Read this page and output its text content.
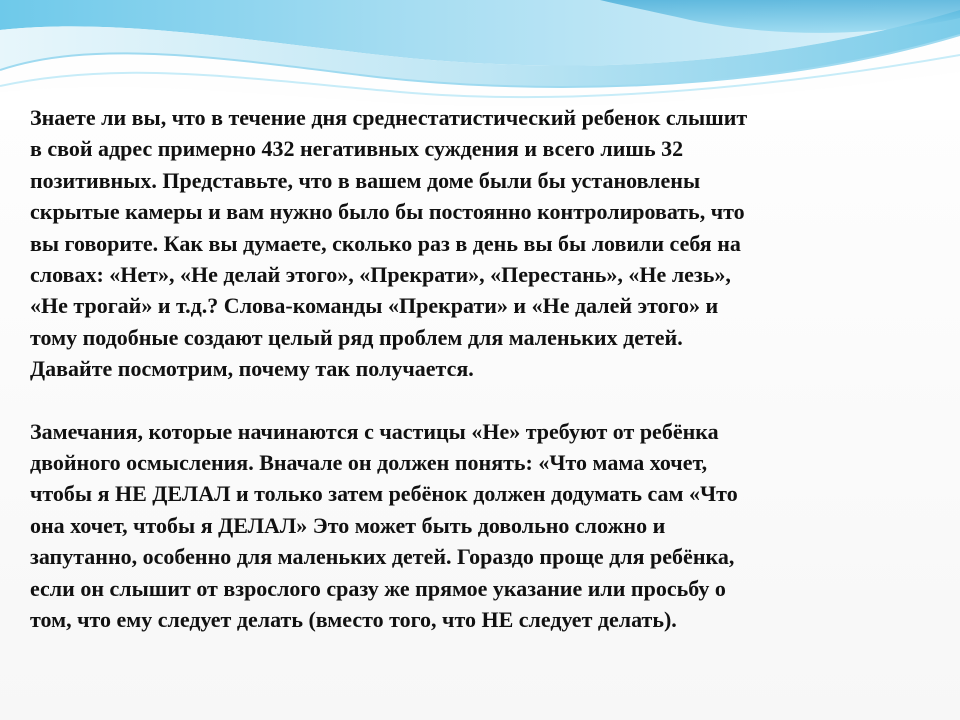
Знаете ли вы, что в течение дня среднестатистический ребенок слышит
в свой адрес примерно 432 негативных суждения и всего лишь 32
позитивных. Представьте, что в вашем доме были бы установлены
скрытые камеры и вам нужно было бы постоянно контролировать, что
вы говорите. Как вы думаете, сколько раз в день вы бы ловили себя на
словах: «Нет», «Не делай этого», «Прекрати», «Перестань», «Не лезь»,
«Не трогай» и т.д.? Слова-команды «Прекрати» и «Не далей этого» и
тому подобные создают целый ряд проблем для маленьких детей.
Давайте посмотрим, почему так получается.

Замечания, которые начинаются с частицы «Не» требуют от ребёнка
двойного осмысления. Вначале он должен понять: «Что мама хочет,
чтобы я НЕ ДЕЛАЛ и только затем ребёнок должен додумать сам «Что
она хочет, чтобы я ДЕЛАЛ» Это может быть довольно сложно и
запутанно, особенно для маленьких детей. Гораздо проще для ребёнка,
если он слышит от взрослого сразу же прямое указание или просьбу о
том, что ему следует делать (вместо того, что НЕ следует делать).
